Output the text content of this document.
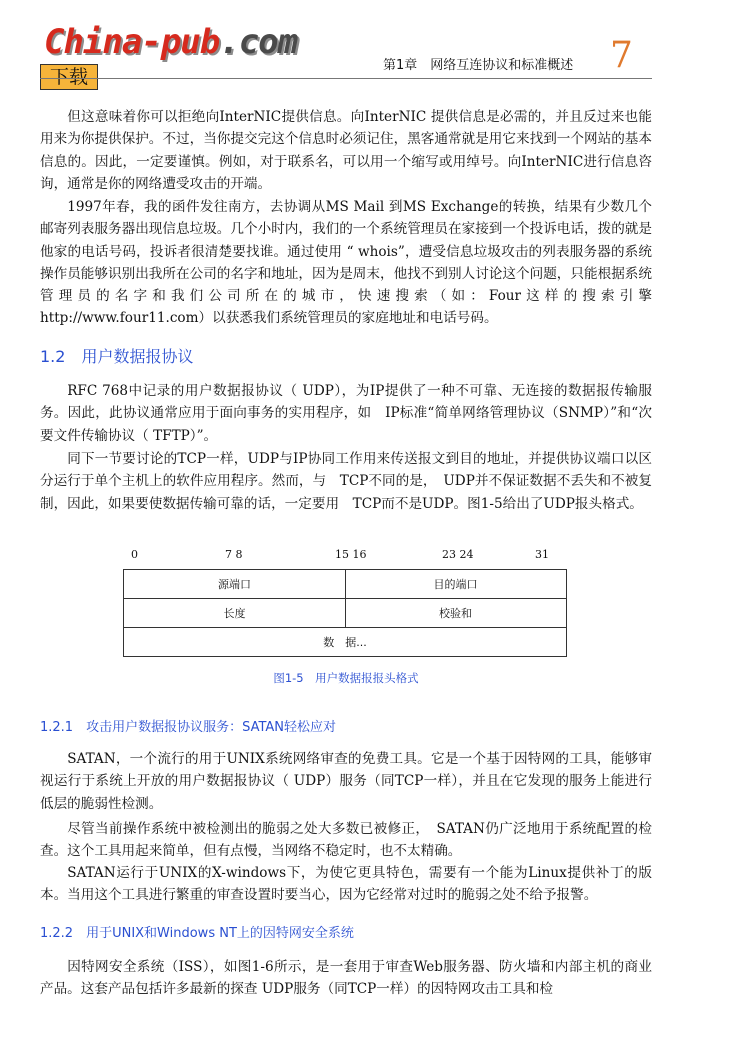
China-pub.com
下载
第1章　网络互连协议和标准概述 7

但这意味着你可以拒绝向InterNIC提供信息。向InterNIC 提供信息是必需的，并且反过来也能用来为你提供保护。不过，当你提交完这个信息时必须记住，黑客通常就是用它来找到一个网站的基本信息的。因此，一定要谨慎。例如，对于联系名，可以用一个缩写或用绰号。向InterNIC进行信息咨询，通常是你的网络遭受攻击的开端。

1997年春，我的函件发往南方，去协调从MS Mail 到MS Exchange的转换，结果有少数几个邮寄列表服务器出现信息垃圾。几个小时内，我们的一个系统管理员在家接到一个投诉电话，拨的就是他家的电话号码，投诉者很清楚要找谁。通过使用 “ whois”，遭受信息垃圾攻击的列表服务器的系统操作员能够识别出我所在公司的名字和地址，因为是周末，他找不到别人讨论这个问题，只能根据系统管理员的名字和我们公司所在的城市，快速搜索（如：Four这样的搜索引擎http://www.four11.com）以获悉我们系统管理员的家庭地址和电话号码。

1.2　用户数据报协议

RFC 768中记录的用户数据报协议（ UDP），为IP提供了一种不可靠、无连接的数据报传输服务。因此，此协议通常应用于面向事务的实用程序，如　IP标准“简单网络管理协议（SNMP）”和“次要文件传输协议（ TFTP）”。

同下一节要讨论的TCP一样，UDP与IP协同工作用来传送报文到目的地址，并提供协议端口以区分运行于单个主机上的软件应用程序。然而，与　TCP不同的是，　UDP并不保证数据不丢失和不被复制，因此，如果要使数据传输可靠的话，一定要用　TCP而不是UDP。图1-5给出了UDP报头格式。

0	7 8	15 16	23 24	31
源端口	目的端口
长度	校验和
数　据...
图1-5　用户数据报报头格式
1.2.1　攻击用户数据报协议服务：SATAN轻松应对

SATAN，一个流行的用于UNIX系统网络审查的免费工具。它是一个基于因特网的工具，能够审视运行于系统上开放的用户数据报协议（ UDP）服务（同TCP一样），并且在它发现的服务上能进行低层的脆弱性检测。

尽管当前操作系统中被检测出的脆弱之处大多数已被修正，　SATAN仍广泛地用于系统配置的检查。这个工具用起来简单，但有点慢，当网络不稳定时，也不太精确。

SATAN运行于UNIX的X-windows下，为使它更具特色，需要有一个能为Linux提供补丁的版本。当用这个工具进行繁重的审查设置时要当心，因为它经常对过时的脆弱之处不给予报警。

1.2.2　用于UNIX和Windows NT上的因特网安全系统

因特网安全系统（ISS），如图1-6所示，是一套用于审查Web服务器、防火墙和内部主机的商业产品。这套产品包括许多最新的探查 UDP服务（同TCP一样）的因特网攻击工具和检
